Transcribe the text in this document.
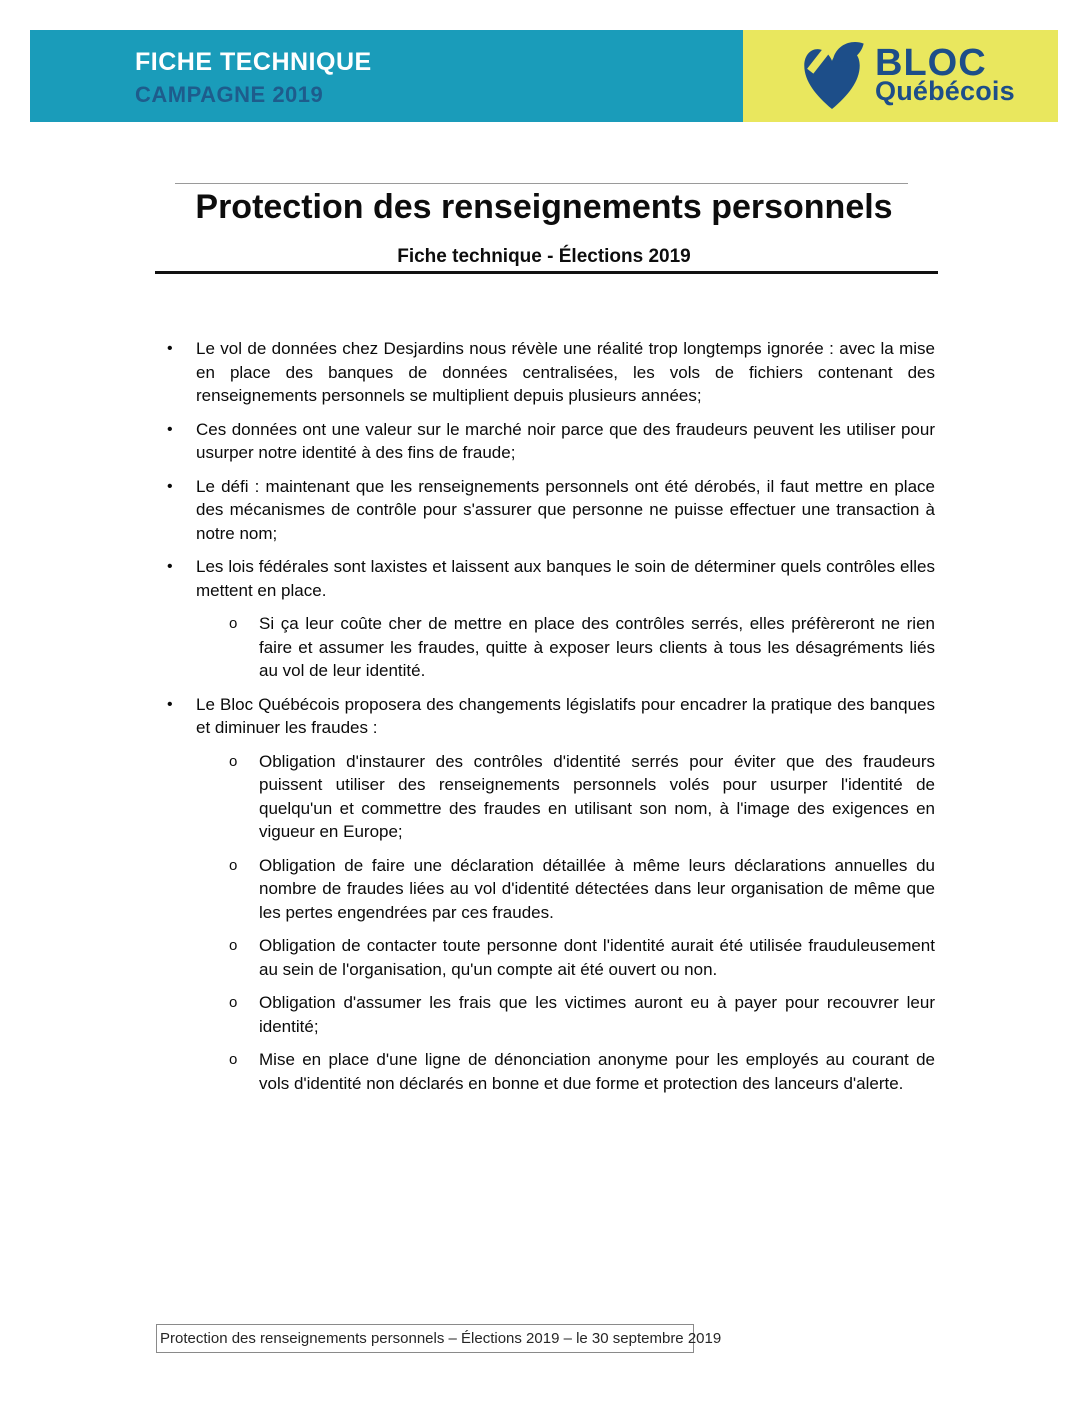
FICHE TECHNIQUE
CAMPAGNE 2019
BLOC
Québécois
Protection des renseignements personnels
Fiche technique - Élections 2019
• Le vol de données chez Desjardins nous révèle une réalité trop longtemps ignorée : avec la mise en place des banques de données centralisées, les vols de fichiers contenant des renseignements personnels se multiplient depuis plusieurs années;
• Ces données ont une valeur sur le marché noir parce que des fraudeurs peuvent les utiliser pour usurper notre identité à des fins de fraude;
• Le défi : maintenant que les renseignements personnels ont été dérobés, il faut mettre en place des mécanismes de contrôle pour s'assurer que personne ne puisse effectuer une transaction à notre nom;
• Les lois fédérales sont laxistes et laissent aux banques le soin de déterminer quels contrôles elles mettent en place.
o Si ça leur coûte cher de mettre en place des contrôles serrés, elles préfèreront ne rien faire et assumer les fraudes, quitte à exposer leurs clients à tous les désagréments liés au vol de leur identité.
• Le Bloc Québécois proposera des changements législatifs pour encadrer la pratique des banques et diminuer les fraudes :
o Obligation d'instaurer des contrôles d'identité serrés pour éviter que des fraudeurs puissent utiliser des renseignements personnels volés pour usurper l'identité de quelqu'un et commettre des fraudes en utilisant son nom, à l'image des exigences en vigueur en Europe;
o Obligation de faire une déclaration détaillée à même leurs déclarations annuelles du nombre de fraudes liées au vol d'identité détectées dans leur organisation de même que les pertes engendrées par ces fraudes.
o Obligation de contacter toute personne dont l'identité aurait été utilisée frauduleusement au sein de l'organisation, qu'un compte ait été ouvert ou non.
o Obligation d'assumer les frais que les victimes auront eu à payer pour recouvrer leur identité;
o Mise en place d'une ligne de dénonciation anonyme pour les employés au courant de vols d'identité non déclarés en bonne et due forme et protection des lanceurs d'alerte.
Protection des renseignements personnels – Élections 2019 – le 30 septembre 2019
